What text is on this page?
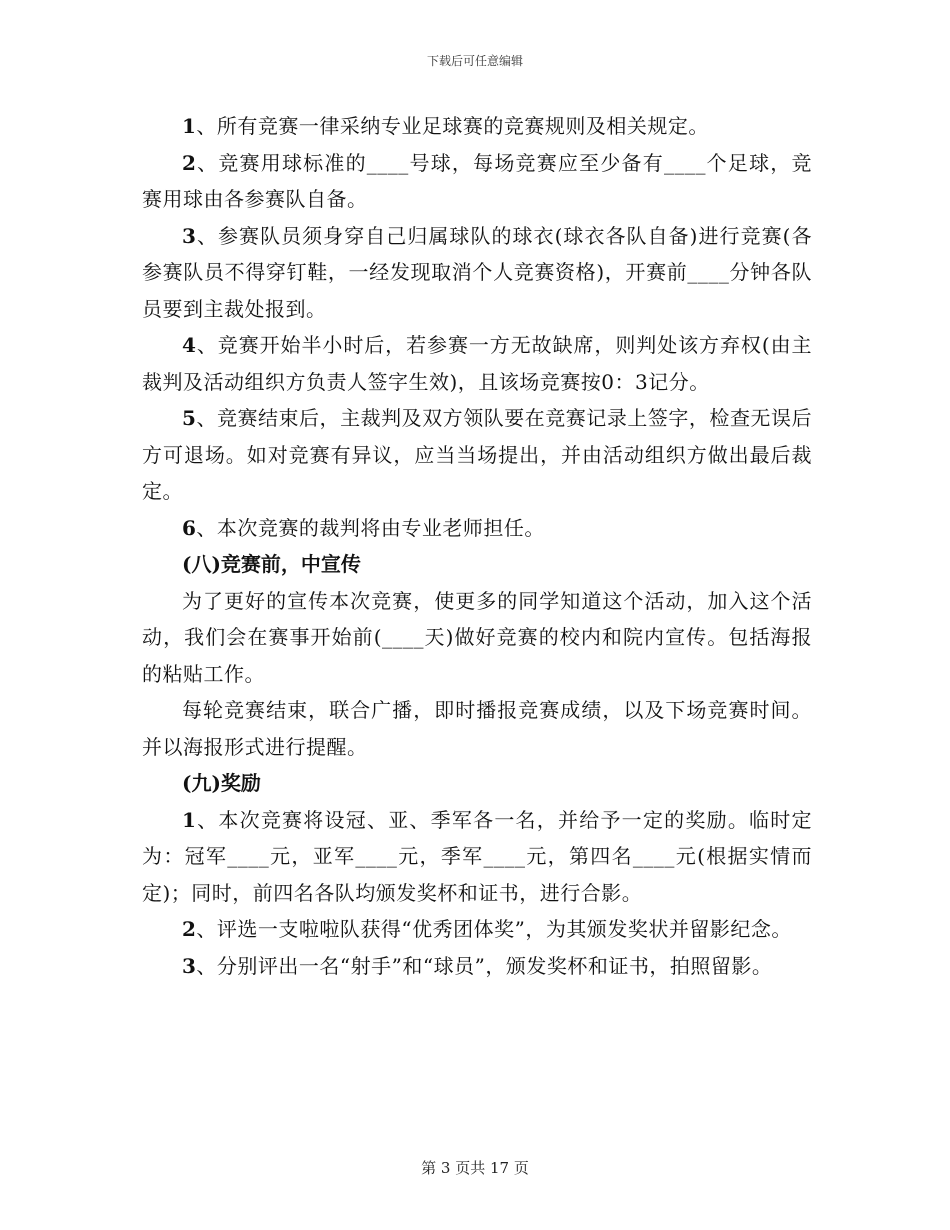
下载后可任意编辑

1、所有竞赛一律采纳专业足球赛的竞赛规则及相关规定。

2、竞赛用球标准的____号球，每场竞赛应至少备有____个足球，竞赛用球由各参赛队自备。

3、参赛队员须身穿自己归属球队的球衣(球衣各队自备)进行竞赛(各参赛队员不得穿钉鞋，一经发现取消个人竞赛资格)，开赛前____分钟各队员要到主裁处报到。

4、竞赛开始半小时后，若参赛一方无故缺席，则判处该方弃权(由主裁判及活动组织方负责人签字生效)，且该场竞赛按0：3记分。

5、竞赛结束后，主裁判及双方领队要在竞赛记录上签字，检查无误后方可退场。如对竞赛有异议，应当当场提出，并由活动组织方做出最后裁定。

6、本次竞赛的裁判将由专业老师担任。

(八)竞赛前，中宣传

为了更好的宣传本次竞赛，使更多的同学知道这个活动，加入这个活动，我们会在赛事开始前(____天)做好竞赛的校内和院内宣传。包括海报的粘贴工作。

每轮竞赛结束，联合广播，即时播报竞赛成绩，以及下场竞赛时间。并以海报形式进行提醒。

(九)奖励

1、本次竞赛将设冠、亚、季军各一名，并给予一定的奖励。临时定为：冠军____元，亚军____元，季军____元，第四名____元(根据实情而定)；同时，前四名各队均颁发奖杯和证书，进行合影。

2、评选一支啦啦队获得“优秀团体奖”，为其颁发奖状并留影纪念。

3、分别评出一名“射手”和“球员”，颁发奖杯和证书，拍照留影。

第 3 页共 17 页
